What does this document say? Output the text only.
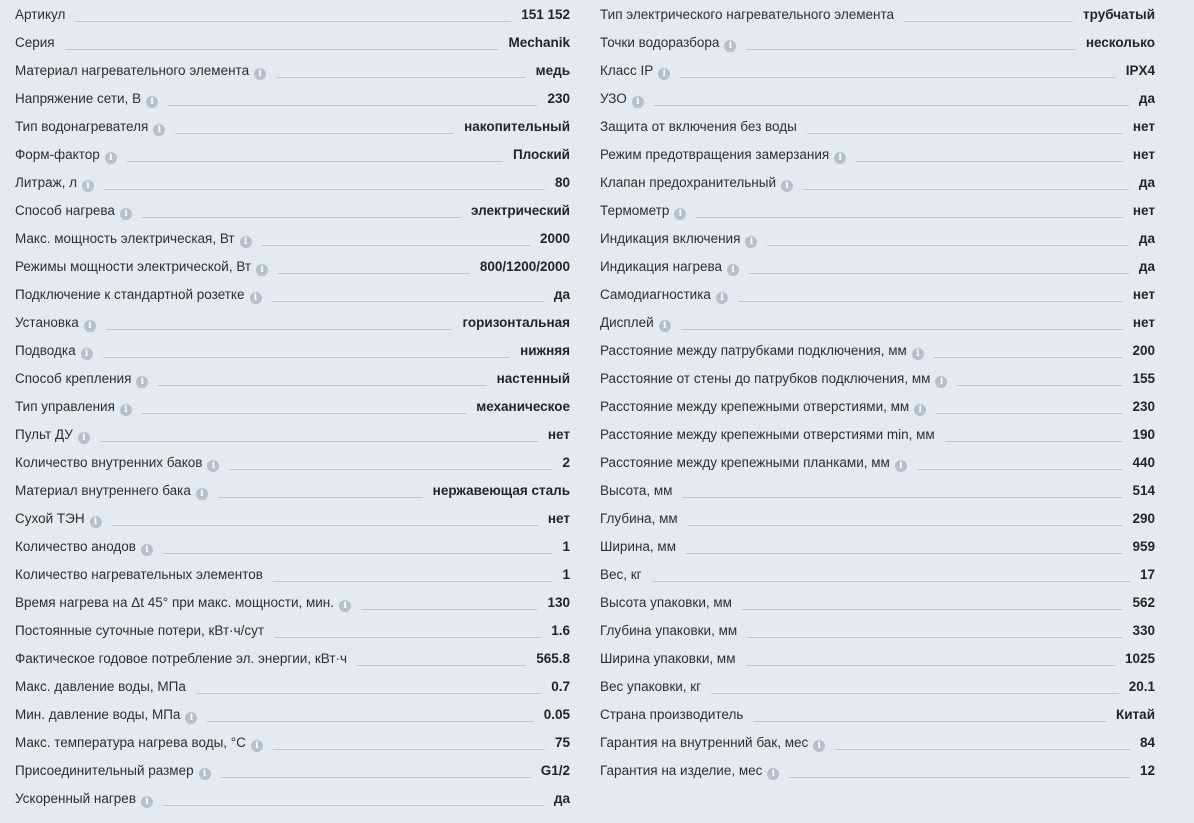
Артикул	151 152
Серия	Mechanik
Материал нагревательного элемента i	медь
Напряжение сети, В i	230
Тип водонагревателя i	накопительный
Форм-фактор i	Плоский
Литраж, л i	80
Способ нагрева i	электрический
Макс. мощность электрическая, Вт i	2000
Режимы мощности электрической, Вт i	800/1200/2000
Подключение к стандартной розетке i	да
Установка i	горизонтальная
Подводка i	нижняя
Способ крепления i	настенный
Тип управления i	механическое
Пульт ДУ i	нет
Количество внутренних баков i	2
Материал внутреннего бака i	нержавеющая сталь
Сухой ТЭН i	нет
Количество анодов i	1
Количество нагревательных элементов	1
Время нагрева на Δt 45° при макс. мощности, мин. i	130
Постоянные суточные потери, кВт·ч/сут	1.6
Фактическое годовое потребление эл. энергии, кВт·ч	565.8
Макс. давление воды, МПа	0.7
Мин. давление воды, МПа i	0.05
Макс. температура нагрева воды, °С i	75
Присоединительный размер i	G1/2
Ускоренный нагрев i	да
Тип электрического нагревательного элемента	трубчатый
Точки водоразбора i	несколько
Класс IP i	IPX4
УЗО i	да
Защита от включения без воды	нет
Режим предотвращения замерзания i	нет
Клапан предохранительный i	да
Термометр i	нет
Индикация включения i	да
Индикация нагрева i	да
Самодиагностика i	нет
Дисплей i	нет
Расстояние между патрубками подключения, мм i	200
Расстояние от стены до патрубков подключения, мм i	155
Расстояние между крепежными отверстиями, мм i	230
Расстояние между крепежными отверстиями min, мм	190
Расстояние между крепежными планками, мм i	440
Высота, мм	514
Глубина, мм	290
Ширина, мм	959
Вес, кг	17
Высота упаковки, мм	562
Глубина упаковки, мм	330
Ширина упаковки, мм	1025
Вес упаковки, кг	20.1
Страна производитель	Китай
Гарантия на внутренний бак, мес i	84
Гарантия на изделие, мес i	12
